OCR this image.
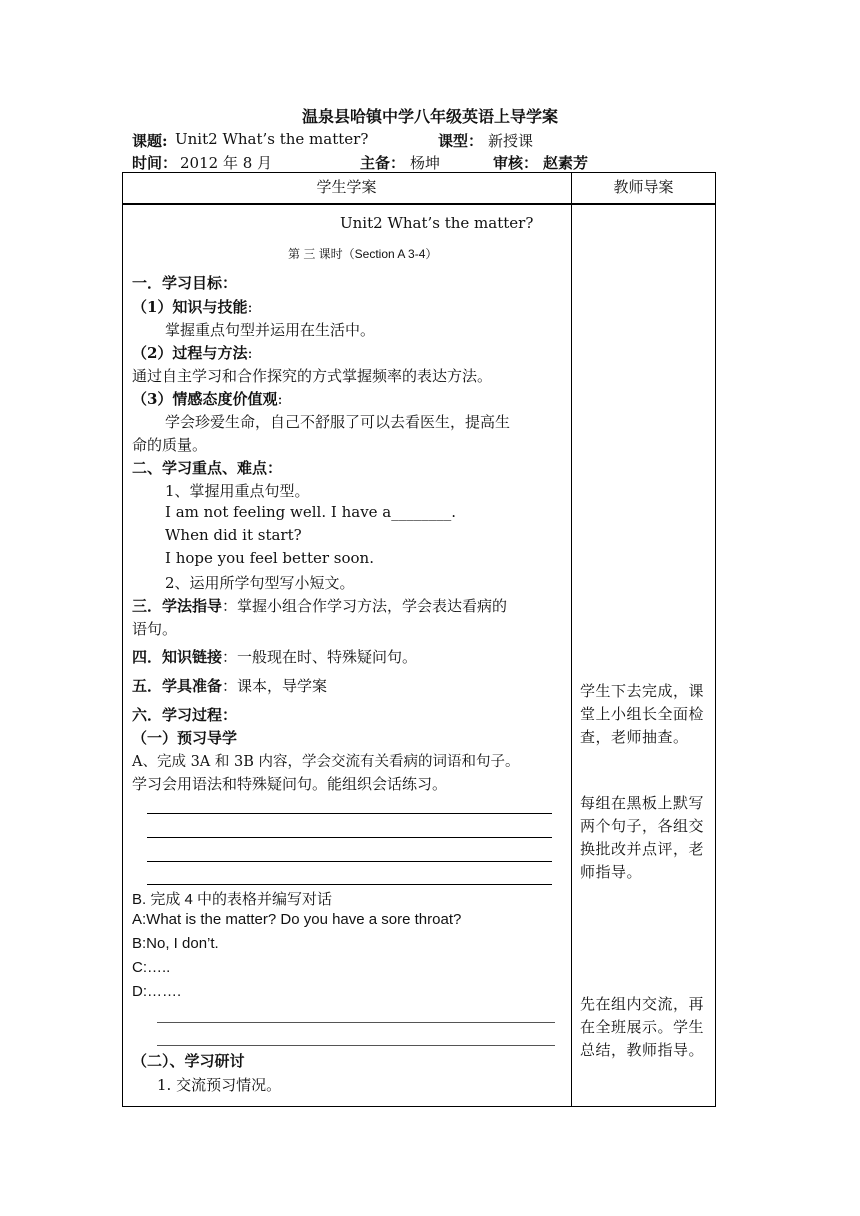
温泉县哈镇中学八年级英语上导学案
课题: Unit2 What’s the matter?	课型： 新授课
时间： 2012 年 8 月	主备： 杨坤	审核： 赵素芳
学生学案	教师导案
Unit2 What’s the matter?
第 三 课时（Section A 3-4）
一．学习目标：
（1）知识与技能:
掌握重点句型并运用在生活中。
（2）过程与方法:
通过自主学习和合作探究的方式掌握频率的表达方法。
（3）情感态度价值观:
学会珍爱生命，自己不舒服了可以去看医生，提高生
命的质量。
二、学习重点、难点：
1、掌握用重点句型。
I am not feeling well. I have a________.
When did it start?
I hope you feel better soon.
2、运用所学句型写小短文。
三．学法指导：掌握小组合作学习方法，学会表达看病的
语句。
四．知识链接：一般现在时、特殊疑问句。
五．学具准备：课本，导学案
六．学习过程：
（一）预习导学
A、完成 3A 和 3B 内容，学会交流有关看病的词语和句子。
学习会用语法和特殊疑问句。能组织会话练习。
B. 完成 4 中的表格并编写对话
A:What is the matter? Do you have a sore throat?
B:No, I don’t.
C:…..
D:…….
（二）、学习研讨
1. 交流预习情况。
学生下去完成，课堂上小组长全面检查，老师抽查。
每组在黑板上默写两个句子，各组交换批改并点评，老师指导。
先在组内交流，再在全班展示。学生总结，教师指导。
